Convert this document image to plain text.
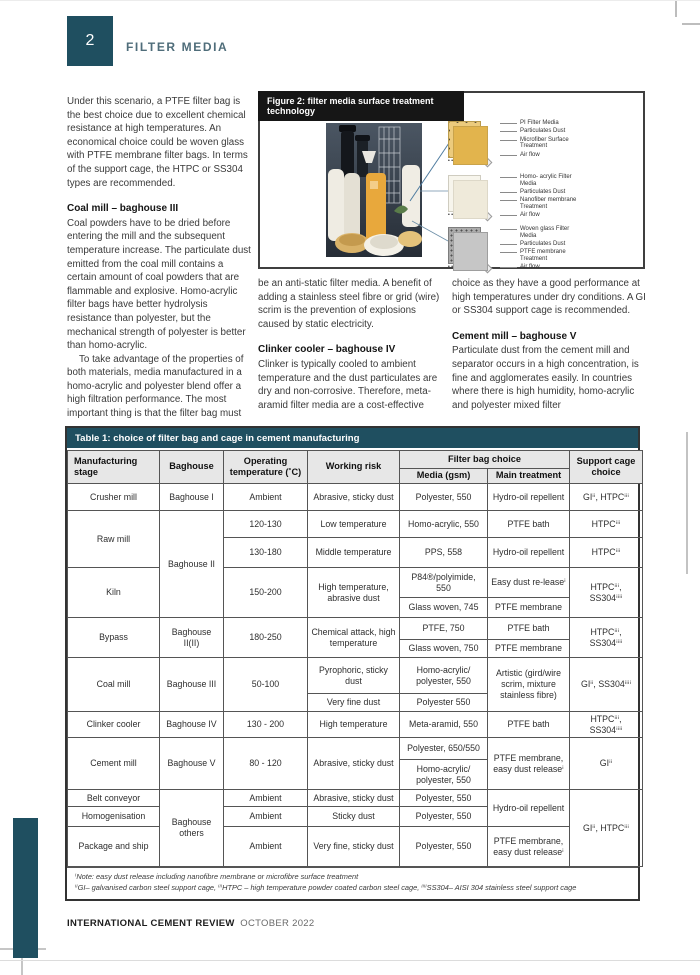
2	FILTER MEDIA

Under this scenario, a PTFE filter bag is the best choice due to excellent chemical resistance at high temperatures. An economical choice could be woven glass with PTFE membrane filter bags. In terms of the support cage, the HTPC or SS304 types are recommended.

Coal mill – baghouse III

Coal powders have to be dried before entering the mill and the subsequent temperature increase. The particulate dust emitted from the coal mill contains a certain amount of coal powders that are flammable and explosive. Homo-acrylic filter bags have better hydrolysis resistance than polyester, but the mechanical strength of polyester is better than homo-acrylic.

To take advantage of the properties of both materials, media manufactured in a homo-acrylic and polyester blend offer a high filtration performance. The most important thing is that the filter bag must

Figure 2: filter media surface treatment technology
•••••••
PI Filter Media
Particulates Dust
Microfiber Surface Treatment
Air flow
•••••••
Homo- acrylic Filter Media
Particulates Dust
Nanofiber membrane Treatment
Air flow
•••••••
Woven glass Filter Media
Particulates Dust
PTFE membrane Treatment
Air flow

be an anti-static filter media. A benefit of adding a stainless steel fibre or grid (wire) scrim is the prevention of explosions caused by static electricity.

Clinker cooler – baghouse IV

Clinker is typically cooled to ambient temperature and the dust particulates are dry and non-corrosive. Therefore, meta-aramid filter media are a cost-effective

choice as they have a good performance at high temperatures under dry conditions. A GI or SS304 support cage is recommended.

Cement mill – baghouse V

Particulate dust from the cement mill and separator occurs in a high concentration, is fine and agglomerates easily. In countries where there is high humidity, homo-acrylic and polyester mixed filter

Table 1: choice of filter bag and cage in cement manufacturing
Manufacturing stage	Baghouse	Operating temperature (˚C)	Working risk	Filter bag choice		Support cage choice
				Media (gsm)	Main treatment	
Crusher mill	Baghouse I	Ambient	Abrasive, sticky dust	Polyester, 550	Hydro-oil repellent	GIⁱⁱ, HTPCⁱⁱⁱ
Raw mill	Baghouse II	120-130	Low temperature	Homo-acrylic, 550	PTFE bath	HTPCⁱⁱⁱ
		130-180	Middle temperature	PPS, 558	Hydro-oil repellent	HTPCⁱⁱⁱ
Kiln		150-200	High temperature, abrasive dust	P84®/polyimide, 550	Easy dust re-leaseⁱ	HTPCⁱⁱⁱ, SS304ⁱⁱⁱⁱ
				Glass woven, 745	PTFE membrane	
Bypass	Baghouse II(II)	180-250	Chemical attack, high temperature	PTFE, 750	PTFE bath	HTPCⁱⁱⁱ, SS304ⁱⁱⁱⁱ
				Glass woven, 750	PTFE membrane	
Coal mill	Baghouse III	50-100	Pyrophoric, sticky dust	Homo-acrylic/ polyester, 550	Artistic (gird/wire scrim, mixture stainless fibre)	GIⁱⁱ, SS304ⁱⁱⁱⁱ
			Very fine dust	Polyester 550		
Clinker cooler	Baghouse IV	130 - 200	High temperature	Meta-aramid, 550	PTFE bath	HTPCⁱⁱⁱ, SS304ⁱⁱⁱⁱ
Cement mill	Baghouse V	80 - 120	Abrasive, sticky dust	Polyester, 650/550	PTFE membrane, easy dust releaseⁱ	GIⁱⁱ
				Homo-acrylic/ polyester, 550		
Belt conveyor	Baghouse others	Ambient	Abrasive, sticky dust	Polyester, 550	Hydro-oil repellent	GIⁱⁱ, HTPCⁱⁱⁱ
Homogenisation		Ambient	Sticky dust	Polyester, 550		
Package and ship		Ambient	Very fine, sticky dust	Polyester, 550	PTFE membrane, easy dust releaseⁱ	
ⁱNote: easy dust release including nanofibre membrane or microfibre surface treatment
ⁱⁱGI– galvanised carbon steel support cage, ⁱⁱⁱHTPC – high temperature powder coated carbon steel cage, ⁱⁱⁱⁱSS304– AISI 304 stainless steel support cage
INTERNATIONAL CEMENT REVIEW OCTOBER 2022
